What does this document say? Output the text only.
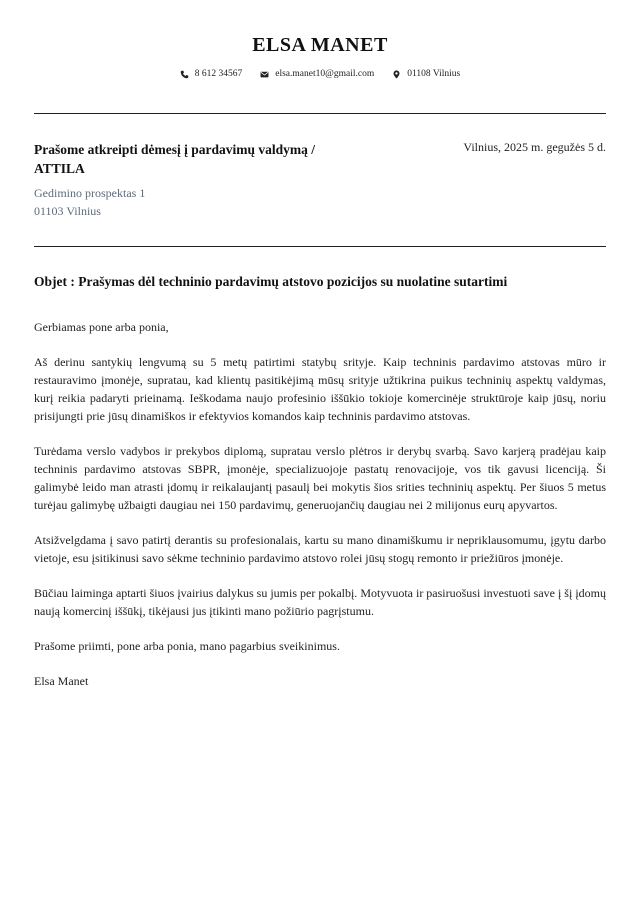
ELSA MANET
8 612 34567	elsa.manet10@gmail.com	01108 Vilnius
Prašome atkreipti dėmesį į pardavimų valdymą / ATTILA
Vilnius, 2025 m. gegužės 5 d.
Gedimino prospektas 1
01103 Vilnius
Objet : Prašymas dėl techninio pardavimų atstovo pozicijos su nuolatine sutartimi

Gerbiamas pone arba ponia,

Aš derinu santykių lengvumą su 5 metų patirtimi statybų srityje. Kaip techninis pardavimo atstovas mūro ir restauravimo įmonėje, supratau, kad klientų pasitikėjimą mūsų srityje užtikrina puikus techninių aspektų valdymas, kurį reikia padaryti prieinamą. Ieškodama naujo profesinio iššūkio tokioje komercinėje struktūroje kaip jūsų, noriu prisijungti prie jūsų dinamiškos ir efektyvios komandos kaip techninis pardavimo atstovas.

Turėdama verslo vadybos ir prekybos diplomą, supratau verslo plėtros ir derybų svarbą. Savo karjerą pradėjau kaip techninis pardavimo atstovas SBPR, įmonėje, specializuojoje pastatų renovacijoje, vos tik gavusi licenciją. Ši galimybė leido man atrasti įdomų ir reikalaujantį pasaulį bei mokytis šios srities techninių aspektų. Per šiuos 5 metus turėjau galimybę užbaigti daugiau nei 150 pardavimų, generuojančių daugiau nei 2 milijonus eurų apyvartos.

Atsižvelgdama į savo patirtį derantis su profesionalais, kartu su mano dinamiškumu ir nepriklausomumu, įgytu darbo vietoje, esu įsitikinusi savo sėkme techninio pardavimo atstovo rolei jūsų stogų remonto ir priežiūros įmonėje.

Būčiau laiminga aptarti šiuos įvairius dalykus su jumis per pokalbį. Motyvuota ir pasiruošusi investuoti save į šį įdomų naują komercinį iššūkį, tikėjausi jus įtikinti mano požiūrio pagrįstumu.

Prašome priimti, pone arba ponia, mano pagarbius sveikinimus.

Elsa Manet
